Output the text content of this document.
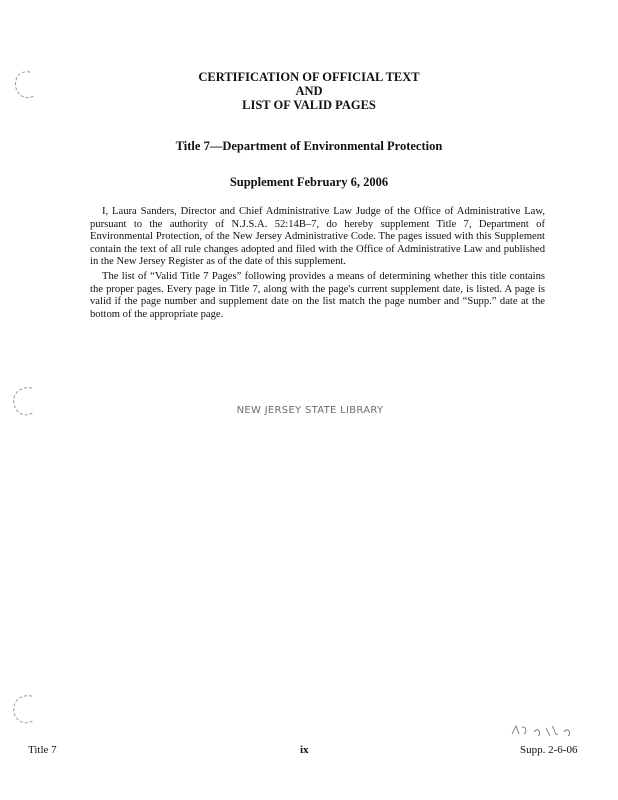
CERTIFICATION OF OFFICIAL TEXT
AND
LIST OF VALID PAGES
Title 7—Department of Environmental Protection
Supplement February 6, 2006

I, Laura Sanders, Director and Chief Administrative Law Judge of the Office of Administrative Law, pursuant to the authority of N.J.S.A. 52:14B–7, do hereby supplement Title 7, Department of Environmental Protection, of the New Jersey Administrative Code. The pages issued with this Supplement contain the text of all rule changes adopted and filed with the Office of Administrative Law and published in the New Jersey Register as of the date of this supplement.

The list of “Valid Title 7 Pages” following provides a means of determining whether this title contains the proper pages. Every page in Title 7, along with the page's current supplement date, is listed. A page is valid if the page number and supplement date on the list match the page number and “Supp.” date at the bottom of the appropriate page.

NEW JERSEY STATE LIBRARY
Title 7	ix	Supp. 2-6-06
